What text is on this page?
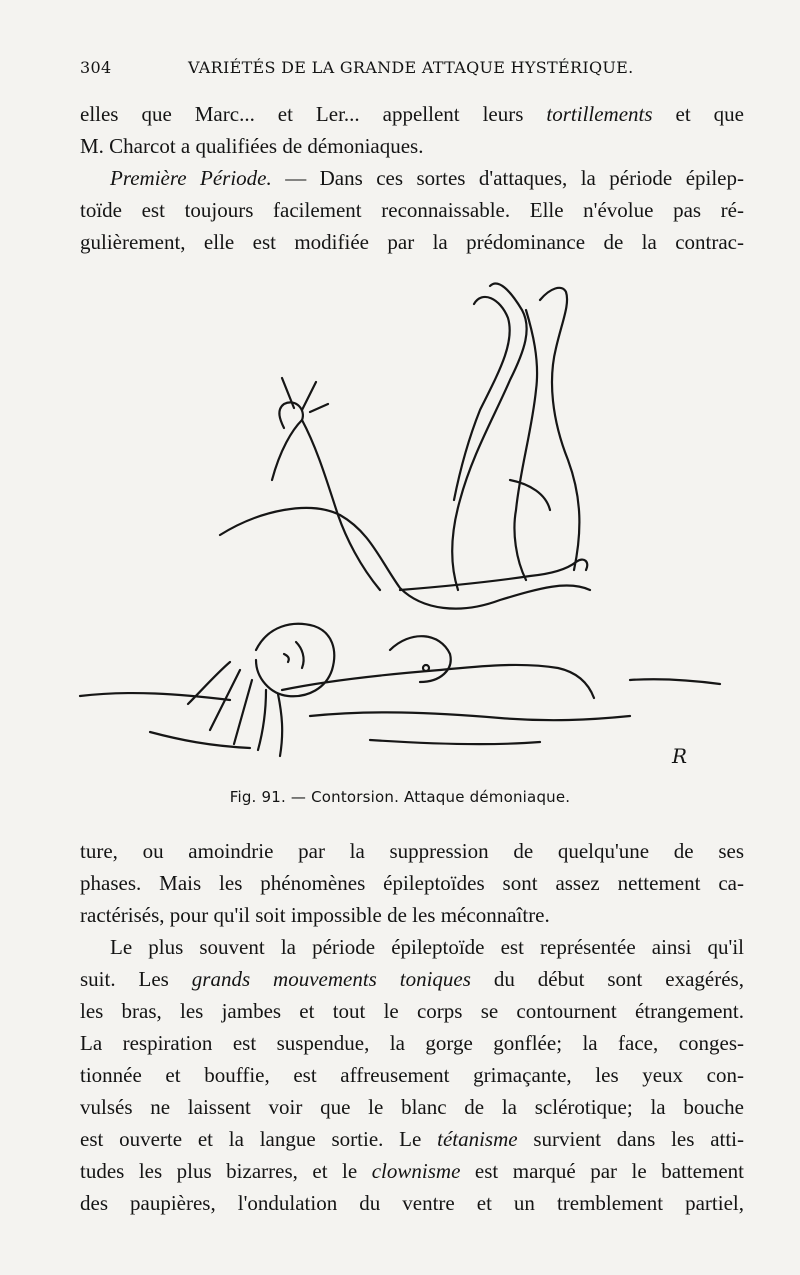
304	VARIÉTÉS DE LA GRANDE ATTAQUE HYSTÉRIQUE.
elles que Marc... et Ler... appellent leurs tortillements et que
M. Charcot a qualifiées de démoniaques.
Première Période. — Dans ces sortes d'attaques, la période épilep-
toïde est toujours facilement reconnaissable. Elle n'évolue pas ré-
gulièrement, elle est modifiée par la prédominance de la contrac-
R
Fig. 91. — Contorsion. Attaque démoniaque.
ture, ou amoindrie par la suppression de quelqu'une de ses
phases. Mais les phénomènes épileptoïdes sont assez nettement ca-
ractérisés, pour qu'il soit impossible de les méconnaître.
Le plus souvent la période épileptoïde est représentée ainsi qu'il
suit. Les grands mouvements toniques du début sont exagérés,
les bras, les jambes et tout le corps se contournent étrangement.
La respiration est suspendue, la gorge gonflée; la face, conges-
tionnée et bouffie, est affreusement grimaçante, les yeux con-
vulsés ne laissent voir que le blanc de la sclérotique; la bouche
est ouverte et la langue sortie. Le tétanisme survient dans les atti-
tudes les plus bizarres, et le clownisme est marqué par le battement
des paupières, l'ondulation du ventre et un tremblement partiel,
